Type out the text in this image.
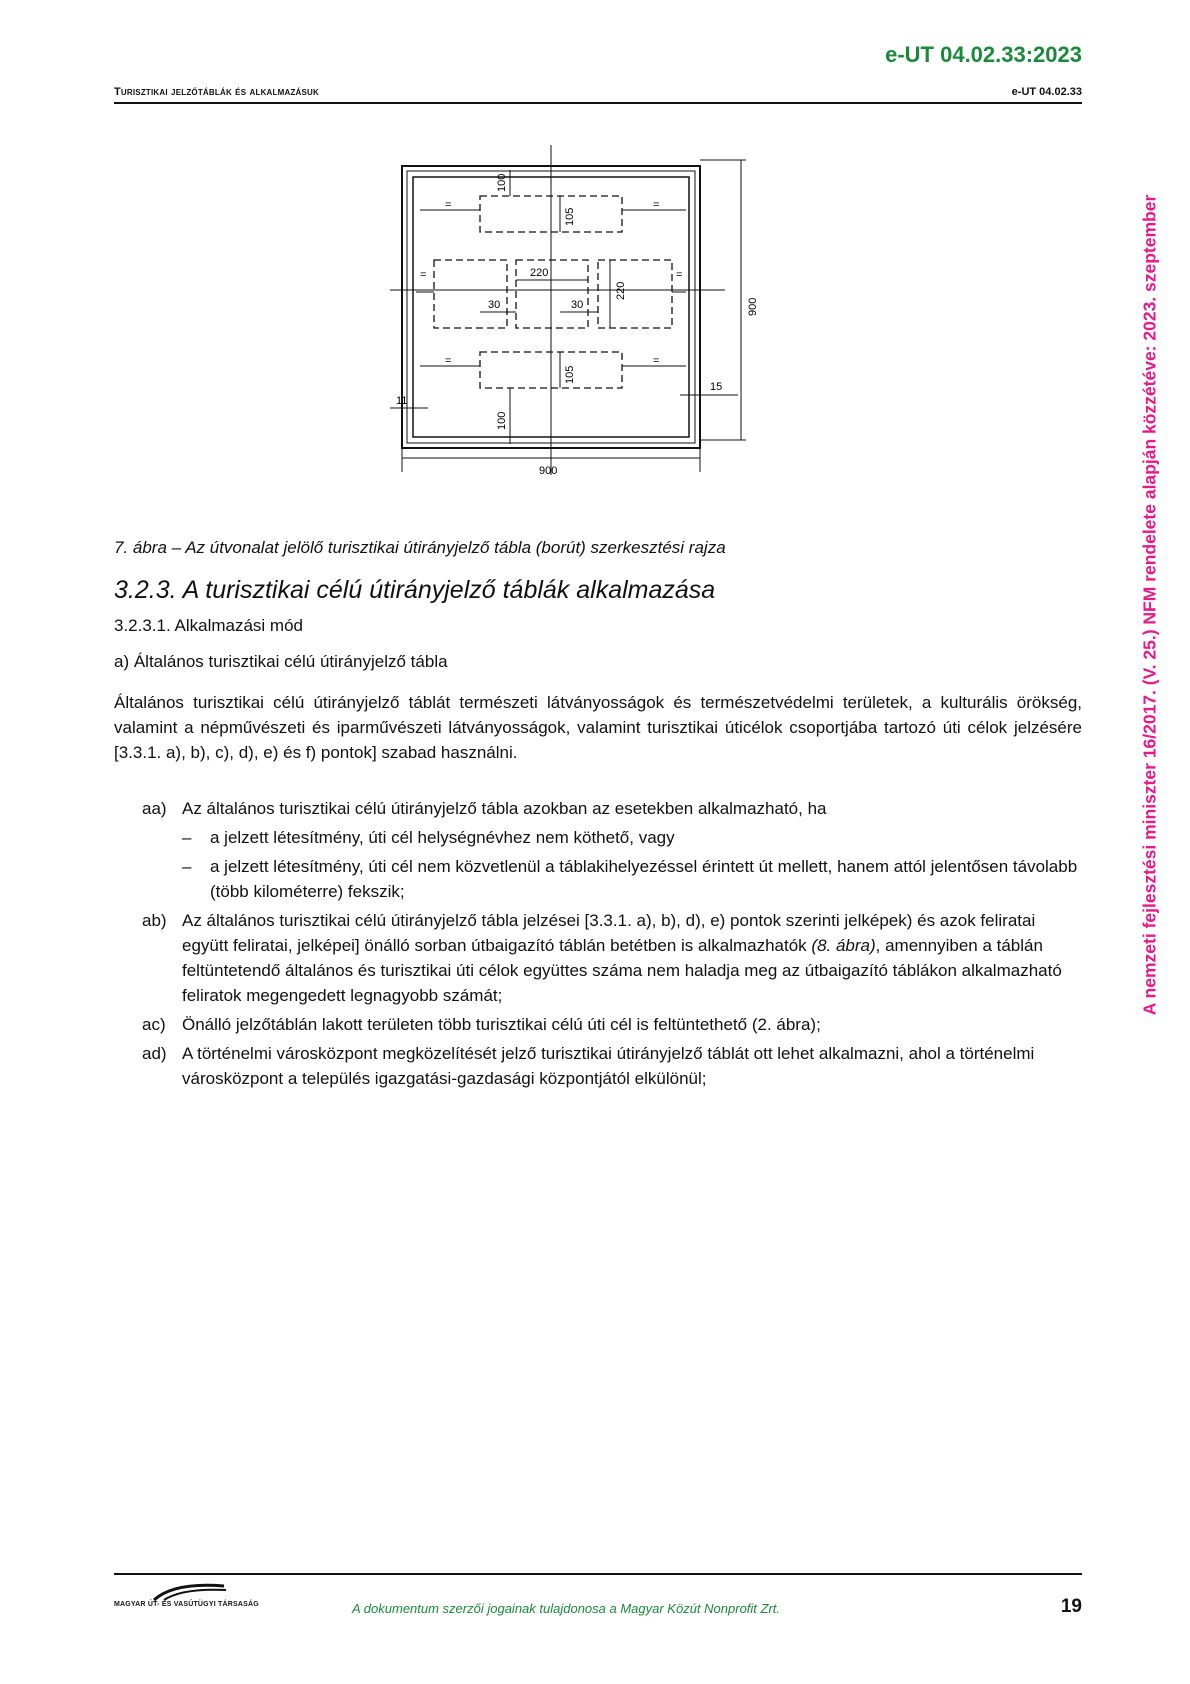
e-UT 04.02.33:2023
Turisztikai jelzőtáblák és alkalmazásuk	e-UT 04.02.33
A nemzeti fejlesztési miniszter 16/2017. (V. 25.) NFM rendelete alapján közzétéve: 2023. szeptember
=	=
=	=
=	=
220
30	30
100
105
220
105
100
900
900
11
15
7. ábra – Az útvonalat jelölő turisztikai útirányjelző tábla (borút) szerkesztési rajza
3.2.3. A turisztikai célú útirányjelző táblák alkalmazása
3.2.3.1. Alkalmazási mód
a) Általános turisztikai célú útirányjelző tábla

Általános turisztikai célú útirányjelző táblát természeti látványosságok és természetvédelmi területek, a kulturális örökség, valamint a népművészeti és iparművészeti látványosságok, valamint turisztikai úticélok csoportjába tartozó úti célok jelzésére [3.3.1. a), b), c), d), e) és f) pontok] szabad használni.

aa) Az általános turisztikai célú útirányjelző tábla azokban az esetekben alkalmazható, ha
– a jelzett létesítmény, úti cél helységnévhez nem köthető, vagy
– a jelzett létesítmény, úti cél nem közvetlenül a táblakihelyezéssel érintett út mellett, hanem attól jelentősen távolabb (több kilométerre) fekszik;
ab) Az általános turisztikai célú útirányjelző tábla jelzései [3.3.1. a), b), d), e) pontok szerinti jelképek) és azok feliratai együtt feliratai, jelképei] önálló sorban útbaigazító táblán betétben is alkalmazhatók (8. ábra), amennyiben a táblán feltüntetendő általános és turisztikai úti célok együttes száma nem haladja meg az útbaigazító táblákon alkalmazható feliratok megengedett legnagyobb számát;
ac) Önálló jelzőtáblán lakott területen több turisztikai célú úti cél is feltüntethető (2. ábra);
ad) A történelmi városközpont megközelítését jelző turisztikai útirányjelző táblát ott lehet alkalmazni, ahol a történelmi városközpont a település igazgatási-gazdasági központjától elkülönül;
MAGYAR ÚT- ÉS VASÚTÜGYI TÁRSASÁG	A dokumentum szerzői jogainak tulajdonosa a Magyar Közút Nonprofit Zrt.	19
